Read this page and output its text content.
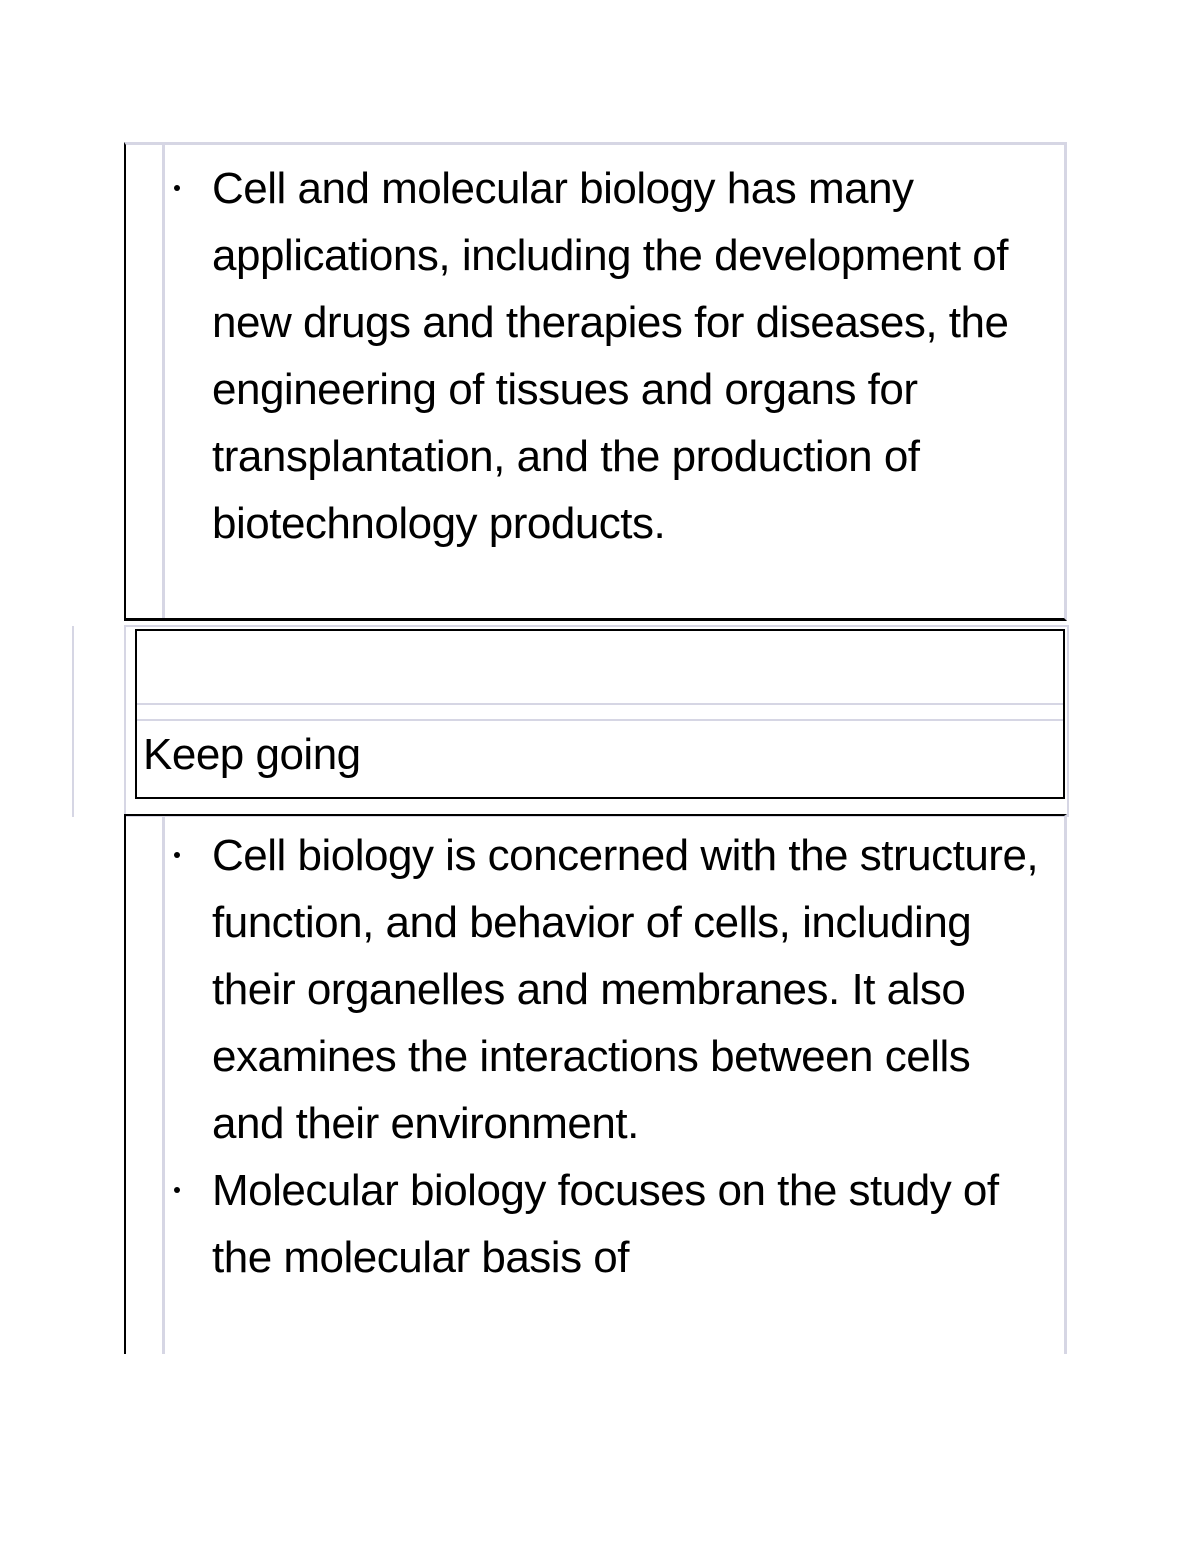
Cell and molecular biology has many applications, including the development of new drugs and therapies for diseases, the engineering of tissues and organs for transplantation, and the production of biotechnology products.
Keep going
Cell biology is concerned with the structure, function, and behavior of cells, including their organelles and membranes. It also examines the interactions between cells and their environment.
Molecular biology focuses on the study of the molecular basis of
